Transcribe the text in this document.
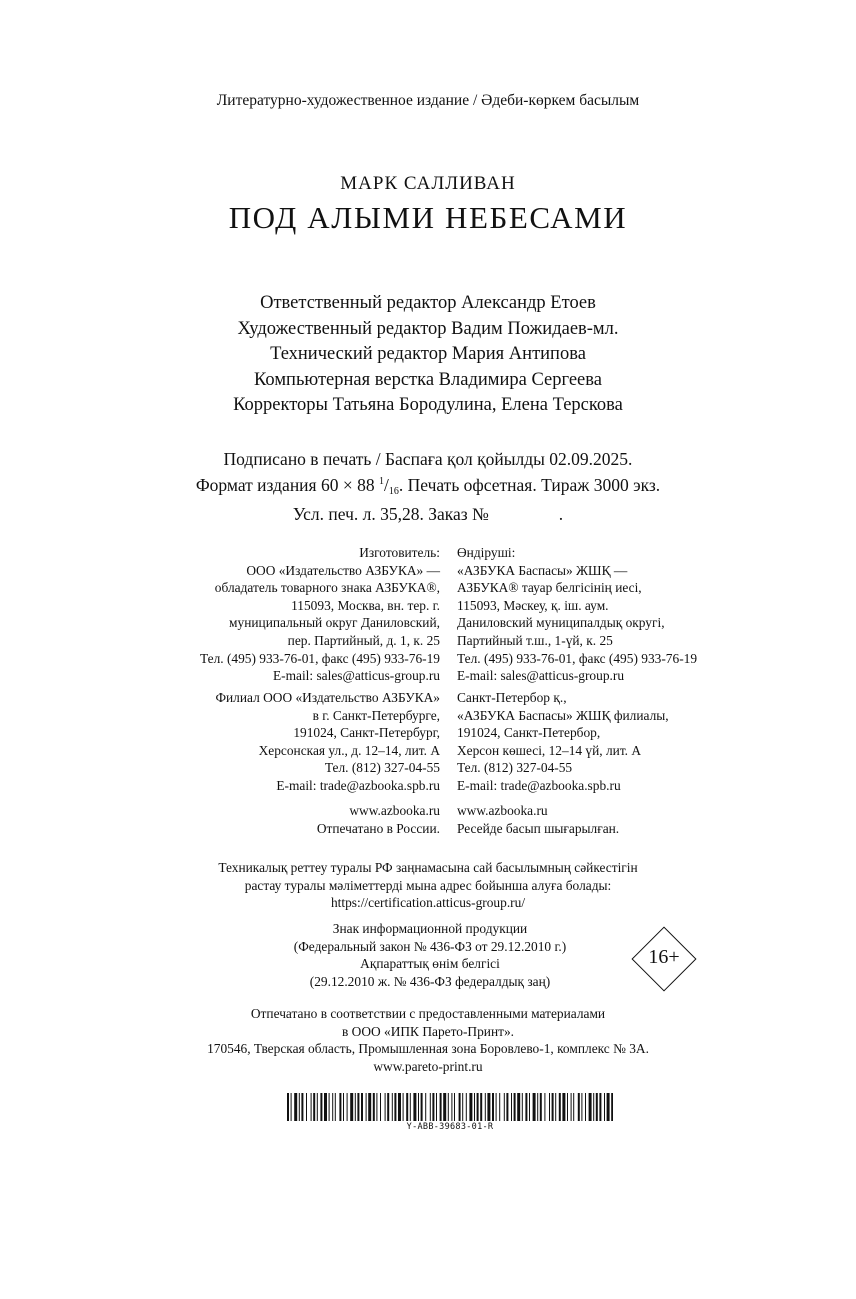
Литературно-художественное издание / Әдеби-көркем басылым
МАРК САЛЛИВАН
ПОД АЛЫМИ НЕБЕСАМИ
Ответственный редактор Александр Етоев
Художественный редактор Вадим Пожидаев-мл.
Технический редактор Мария Антипова
Компьютерная верстка Владимира Сергеева
Корректоры Татьяна Бородулина, Елена Терскова
Подписано в печать / Баспаға қол қойылды 02.09.2025.
Формат издания 60 × 88 $^1/_{16}$. Печать офсетная. Тираж 3000 экз.
Усл. печ. л. 35,28. Заказ №	.
Изготовитель:
ООО «Издательство АЗБУКА» —
обладатель товарного знака АЗБУКА®,
115093, Москва, вн. тер. г.
муниципальный округ Даниловский,
пер. Партийный, д. 1, к. 25
Тел. (495) 933-76-01, факс (495) 933-76-19
E-mail: sales@atticus-group.ru
Өндіруші:
«АЗБУКА Баспасы» ЖШҚ —
АЗБУКА® тауар белгісінің иесі,
115093, Мәскеу, қ. іш. аум.
Даниловский муниципалдық округі,
Партийный т.ш., 1-үй, к. 25
Тел. (495) 933-76-01, факс (495) 933-76-19
E-mail: sales@atticus-group.ru
Филиал ООО «Издательство АЗБУКА»
в г. Санкт-Петербурге,
191024, Санкт-Петербург,
Херсонская ул., д. 12–14, лит. А
Тел. (812) 327-04-55
E-mail: trade@azbooka.spb.ru
Санкт-Петербор қ.,
«АЗБУКА Баспасы» ЖШҚ филиалы,
191024, Санкт-Петербор,
Херсон көшесі, 12–14 үй, лит. А
Тел. (812) 327-04-55
E-mail: trade@azbooka.spb.ru
www.azbooka.ru
Отпечатано в России.
www.azbooka.ru
Ресейде басып шығарылған.
Техникалық реттеу туралы РФ заңнамасына сай басылымның сәйкестігін
растау туралы мәліметтерді мына адрес бойынша алуға болады:
https://certification.atticus-group.ru/
Знак информационной продукции
(Федеральный закон № 436-ФЗ от 29.12.2010 г.)
Ақпараттық өнім белгісі
(29.12.2010 ж. № 436-ФЗ федералдық заң)
16+
Отпечатано в соответствии с предоставленными материалами
в ООО «ИПК Парето-Принт».
170546, Тверская область, Промышленная зона Боровлево-1, комплекс № 3А.
www.pareto-print.ru
Y-ABB-39683-01-R
